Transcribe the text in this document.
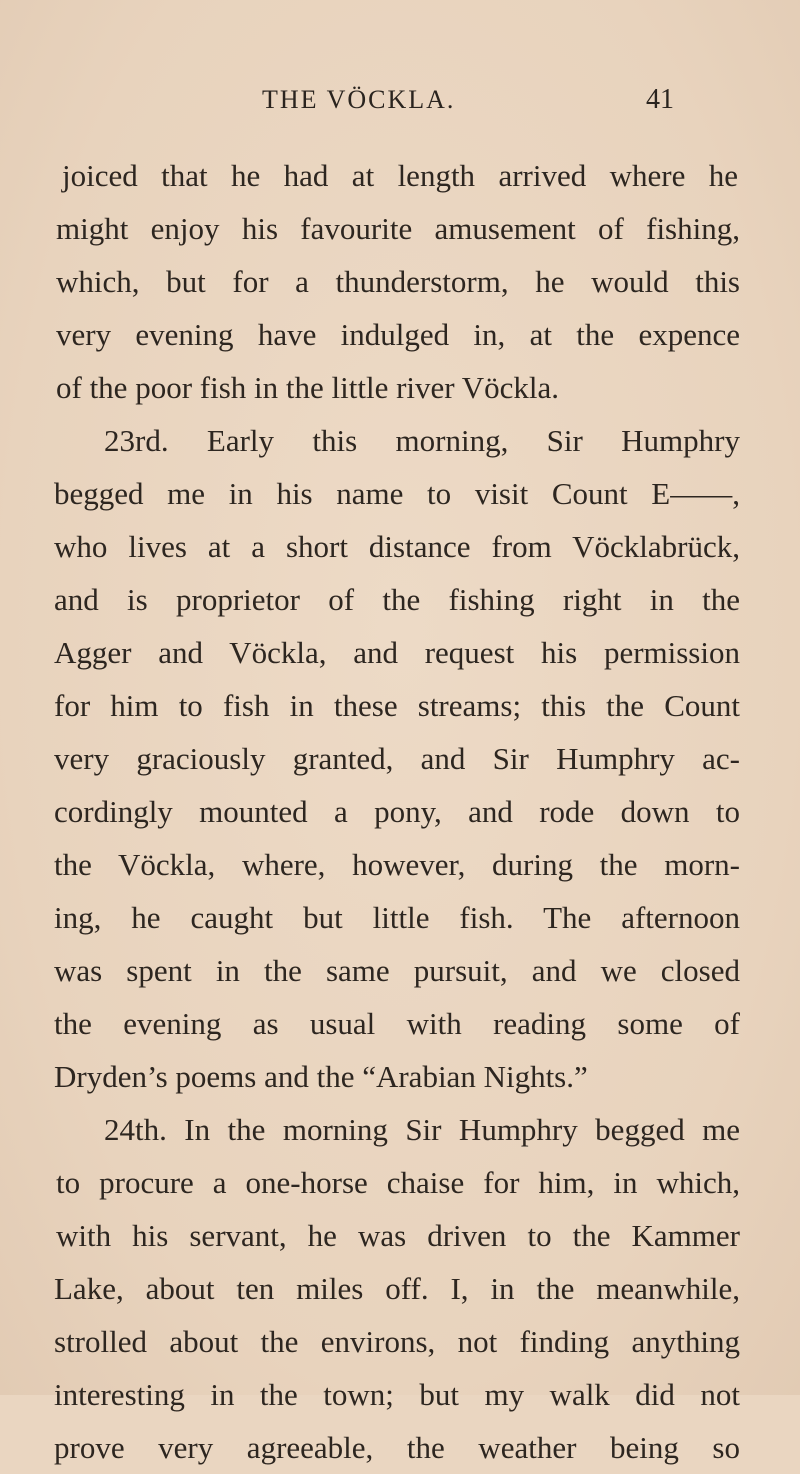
THE VÖCKLA.	41
joiced that he had at length arrived where he
might enjoy his favourite amusement of fishing,
which, but for a thunderstorm, he would this
very evening have indulged in, at the expence
of the poor fish in the little river Vöckla.
23rd. Early this morning, Sir Humphry
begged me in his name to visit Count E——,
who lives at a short distance from Vöcklabrück,
and is proprietor of the fishing right in the
Agger and Vöckla, and request his permission
for him to fish in these streams; this the Count
very graciously granted, and Sir Humphry ac-
cordingly mounted a pony, and rode down to
the Vöckla, where, however, during the morn-
ing, he caught but little fish. The afternoon
was spent in the same pursuit, and we closed
the evening as usual with reading some of
Dryden’s poems and the “Arabian Nights.”
24th. In the morning Sir Humphry begged me
to procure a one-horse chaise for him, in which,
with his servant, he was driven to the Kammer
Lake, about ten miles off. I, in the meanwhile,
strolled about the environs, not finding anything
interesting in the town; but my walk did not
prove very agreeable, the weather being so
